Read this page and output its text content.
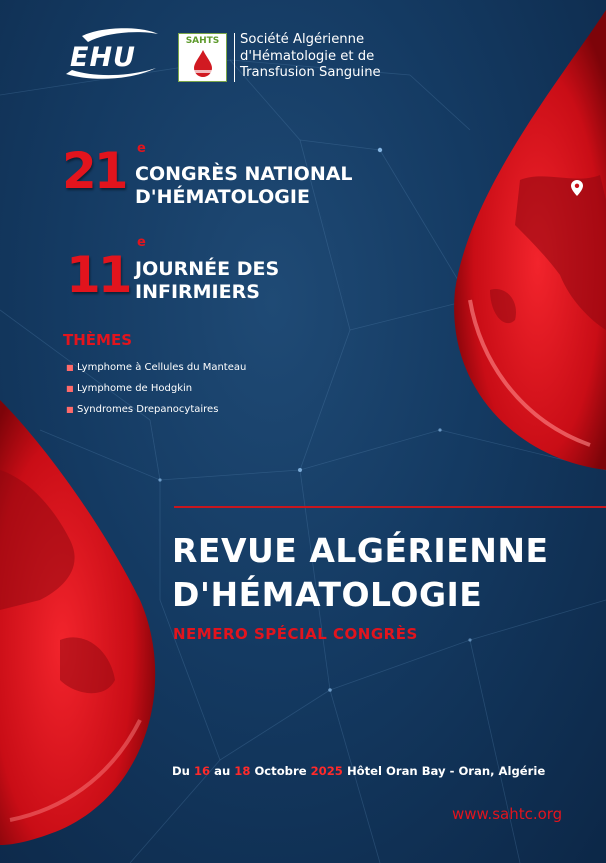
EHU
SAHTS	Société Algérienne
d'Hématologie et de
Transfusion Sanguine
21 e
CONGRÈS NATIONAL
D'HÉMATOLOGIE
11
e
JOURNÉE DES
INFIRMIERS
THÈMES
■ Lymphome à Cellules du Manteau
■ Lymphome de Hodgkin
■ Syndromes Drepanocytaires
REVUE ALGÉRIENNE
D'HÉMATOLOGIE
NEMERO SPÉCIAL CONGRÈS
Du 16 au 18 Octobre 2025 Hôtel Oran Bay - Oran, Algérie
www.sahtc.org
